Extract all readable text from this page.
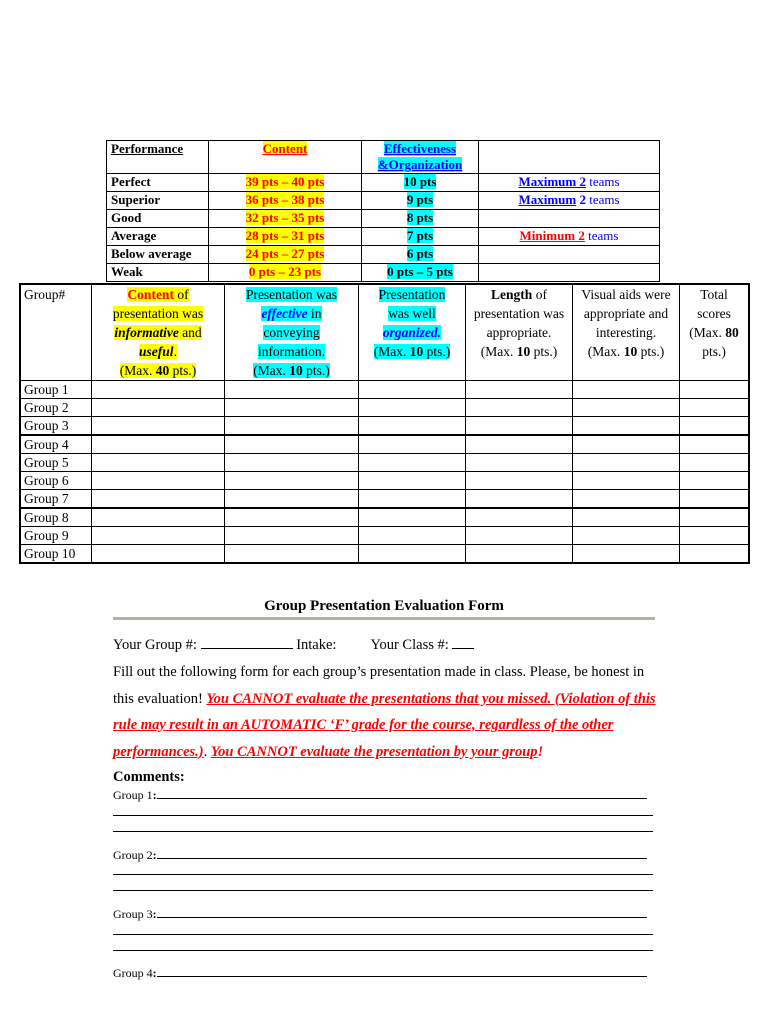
Performance	Content	Effectiveness
&Organization	
Perfect	39 pts – 40 pts	10 pts	Maximum 2 teams
Superior	36 pts – 38 pts	9 pts	Maximum 2 teams
Good	32 pts – 35 pts	8 pts	
Average	28 pts – 31 pts	7 pts	Minimum 2 teams
Below average	24 pts – 27 pts	6 pts	
Weak	0 pts – 23 pts	0 pts – 5 pts	
Group#	Content of
presentation was
informative and
useful.
(Max. 40 pts.)	Presentation was
effective in
conveying
information.
(Max. 10 pts.)	Presentation
was well
organized.
(Max. 10 pts.)	Length of
presentation was
appropriate.
(Max. 10 pts.)	Visual aids were
appropriate and
interesting.
(Max. 10 pts.)	Total
scores
(Max. 80
pts.)
Group 1						
Group 2						
Group 3						
Group 4						
Group 5						
Group 6						
Group 7						
Group 8						
Group 9						
Group 10						
Group Presentation Evaluation Form
Your Group #:	Intake: Your Class #:
Fill out the following form for each group’s presentation made in class. Please, be honest in this evaluation! You CANNOT evaluate the presentations that you missed. (Violation of this rule may result in an AUTOMATIC ‘F’ grade for the course, regardless of the other performances.). You CANNOT evaluate the presentation by your group!
Comments:
Group 1:
Group 2:
Group 3:
Group 4:
